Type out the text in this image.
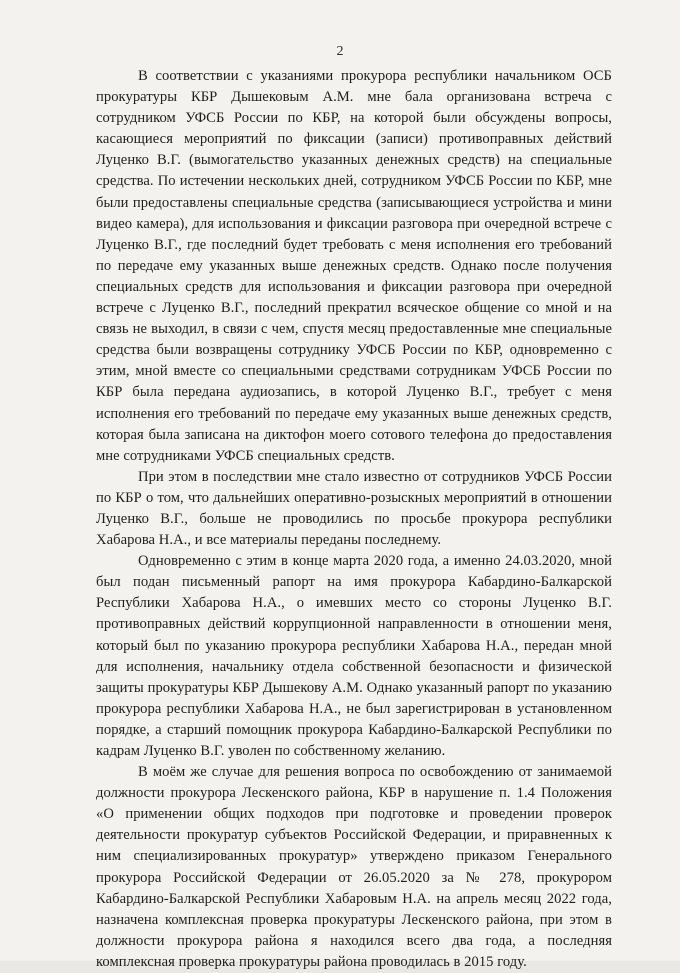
2

В соответствии с указаниями прокурора республики начальником ОСБ прокуратуры КБР Дышековым А.М. мне бала организована встреча с сотрудником УФСБ России по КБР, на которой были обсуждены вопросы, касающиеся мероприятий по фиксации (записи) противоправных действий Луценко В.Г. (вымогательство указанных денежных средств) на специальные средства. По истечении нескольких дней, сотрудником УФСБ России по КБР, мне были предоставлены специальные средства (записывающиеся устройства и мини видео камера), для использования и фиксации разговора при очередной встрече с Луценко В.Г., где последний будет требовать с меня исполнения его требований по передаче ему указанных выше денежных средств. Однако после получения специальных средств для использования и фиксации разговора при очередной встрече с Луценко В.Г., последний прекратил всяческое общение со мной и на связь не выходил, в связи с чем, спустя месяц предоставленные мне специальные средства были возвращены сотруднику УФСБ России по КБР, одновременно с этим, мной вместе со специальными средствами сотрудникам УФСБ России по КБР была передана аудиозапись, в которой Луценко В.Г., требует с меня исполнения его требований по передаче ему указанных выше денежных средств, которая была записана на диктофон моего сотового телефона до предоставления мне сотрудниками УФСБ специальных средств.

При этом в последствии мне стало известно от сотрудников УФСБ России по КБР о том, что дальнейших оперативно-розыскных мероприятий в отношении Луценко В.Г., больше не проводились по просьбе прокурора республики Хабарова Н.А., и все материалы переданы последнему.

Одновременно с этим в конце марта 2020 года, а именно 24.03.2020, мной был подан письменный рапорт на имя прокурора Кабардино-Балкарской Республики Хабарова Н.А., о имевших место со стороны Луценко В.Г. противоправных действий коррупционной направленности в отношении меня, который был по указанию прокурора республики Хабарова Н.А., передан мной для исполнения, начальнику отдела собственной безопасности и физической защиты прокуратуры КБР Дышекову А.М. Однако указанный рапорт по указанию прокурора республики Хабарова Н.А., не был зарегистрирован в установленном порядке, а старший помощник прокурора Кабардино-Балкарской Республики по кадрам Луценко В.Г. уволен по собственному желанию.

В моём же случае для решения вопроса по освобождению от занимаемой должности прокурора Лескенского района, КБР в нарушение п. 1.4 Положения «О применении общих подходов при подготовке и проведении проверок деятельности прокуратур субъектов Российской Федерации, и приравненных к ним специализированных прокуратур» утверждено приказом Генерального прокурора Российской Федерации от 26.05.2020 за № 278, прокурором Кабардино-Балкарской Республики Хабаровым Н.А. на апрель месяц 2022 года, назначена комплексная проверка прокуратуры Лескенского района, при этом в должности прокурора района я находился всего два года, а последняя комплексная проверка прокуратуры района проводилась в 2015 году.
